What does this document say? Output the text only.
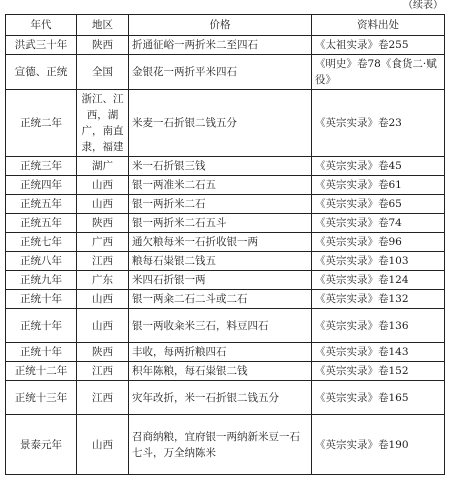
（续表）
年代	地区	价格	资料出处
洪武三十年	陕西	折通征峪一两折米二至四石	《太祖实录》卷255
宣德、正统	全国	金银花一两折平米四石	《明史》卷78《食货二·赋役》
正统二年	浙江、江西，湖广，南直隶，福建	米麦一石折银二钱五分	《英宗实录》卷23
正统三年	湖广	米一石折银三钱	《英宗实录》卷45
正统四年	山西	银一两准米二石五	《英宗实录》卷61
正统五年	山西	银一两折米二石	《英宗实录》卷65
正统五年	陕西	银一两折米二石五斗	《英宗实录》卷74
正统七年	广西	通欠粮每米一石折收银一两	《英宗实录》卷96
正统八年	江西	粮每石粜银二钱五	《英宗实录》卷103
正统九年	广东	米四石折银一两	《英宗实录》卷124
正统十年	山西	银一两籴二石二斗或二石	《英宗实录》卷132
正统十年	山西	银一两收籴米三石，料豆四石	《英宗实录》卷136
正统十年	陕西	丰收，每两折粮四石	《英宗实录》卷143
正统十二年	江西	积年陈粮，每石粜银二钱	《英宗实录》卷152
正统十三年	江西	灾年改折，米一石折银二钱五分	《英宗实录》卷165
景泰元年	山西	召商纳粮，宜府银一两纳新米豆一石七斗，万全纳陈米	《英宗实录》卷190
